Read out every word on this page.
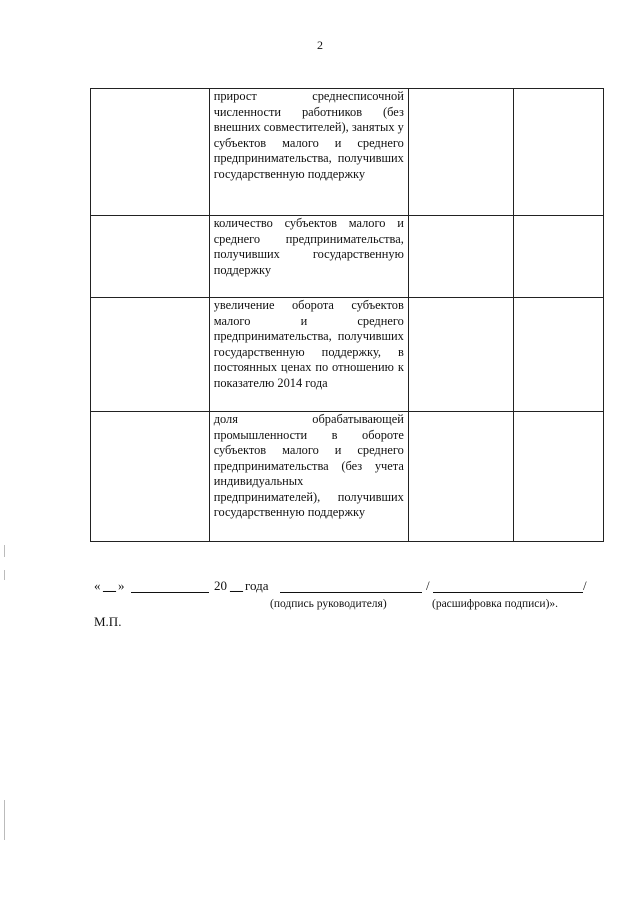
2

	прирост среднесписочной численности работников (без внешних совместителей), занятых у субъектов малого и среднего предпринимательства, получивших государственную поддержку		

	количество субъектов малого и среднего предпринимательства, получивших государственную поддержку		

	увеличение оборота субъектов малого и среднего предпринимательства, получивших государственную поддержку, в постоянных ценах по отношению к показателю 2014 года		

	доля обрабатывающей промышленности в обороте субъектов малого и среднего предпринимательства (без учета индивидуальных предпринимателей), получивших государственную поддержку		

« __ »	20 __ года	/	/
(подпись руководителя)	(расшифровка подписи)».
М.П.
